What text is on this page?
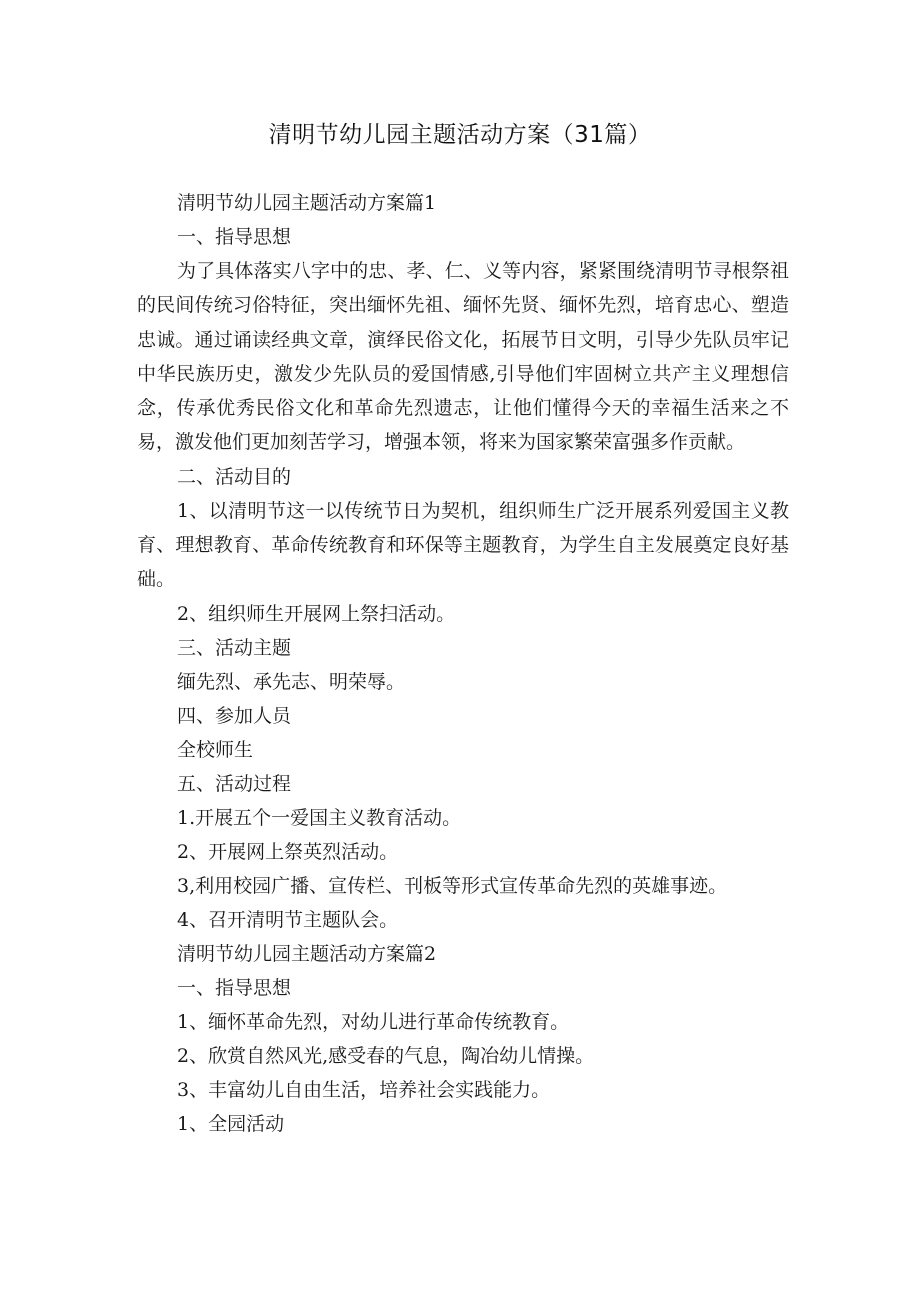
清明节幼儿园主题活动方案（31篇）
清明节幼儿园主题活动方案篇1
一、指导思想
为了具体落实八字中的忠、孝、仁、义等内容，紧紧围绕清明节寻根祭祖的民间传统习俗特征，突出缅怀先祖、缅怀先贤、缅怀先烈，培育忠心、塑造忠诚。通过诵读经典文章，演绎民俗文化，拓展节日文明，引导少先队员牢记中华民族历史，激发少先队员的爱国情感,引导他们牢固树立共产主义理想信念，传承优秀民俗文化和革命先烈遗志，让他们懂得今天的幸福生活来之不易，激发他们更加刻苦学习，增强本领，将来为国家繁荣富强多作贡献。
二、活动目的
1、以清明节这一以传统节日为契机，组织师生广泛开展系列爱国主义教育、理想教育、革命传统教育和环保等主题教育，为学生自主发展奠定良好基础。
2、组织师生开展网上祭扫活动。
三、活动主题
缅先烈、承先志、明荣辱。
四、参加人员
全校师生
五、活动过程
1.开展五个一爱国主义教育活动。
2、开展网上祭英烈活动。
3,利用校园广播、宣传栏、刊板等形式宣传革命先烈的英雄事迹。
4、召开清明节主题队会。
清明节幼儿园主题活动方案篇2
一、指导思想
1、缅怀革命先烈，对幼儿进行革命传统教育。
2、欣赏自然风光,感受春的气息，陶冶幼儿情操。
3、丰富幼儿自由生活，培养社会实践能力。
1、全园活动
